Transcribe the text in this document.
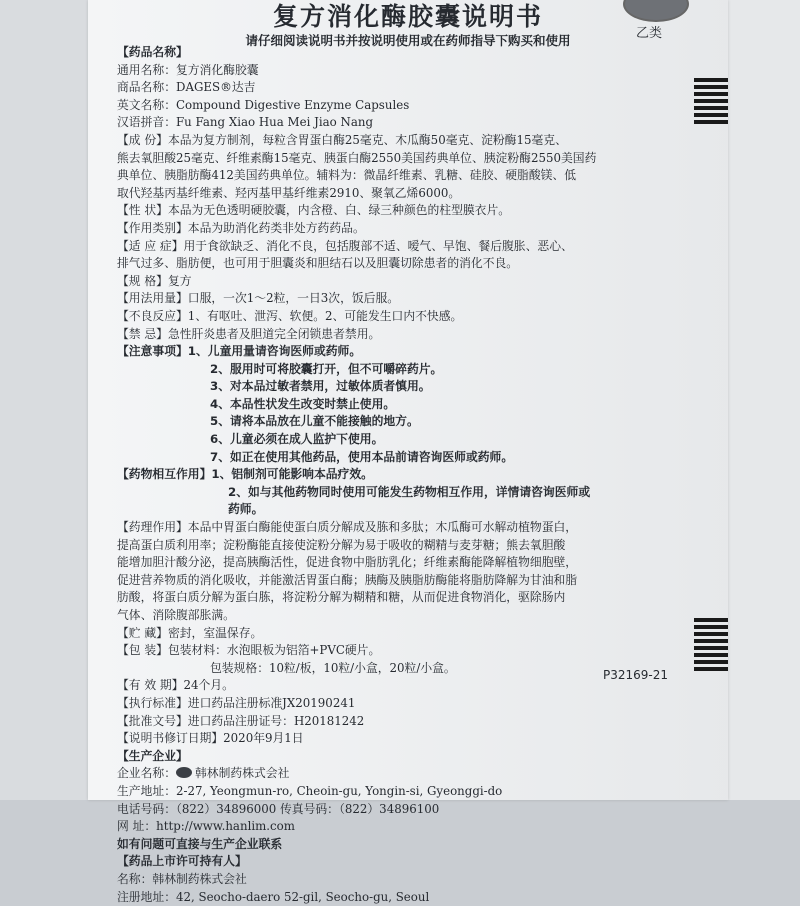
乙类
复方消化酶胶囊说明书
请仔细阅读说明书并按说明使用或在药师指导下购买和使用
【药品名称】
通用名称：复方消化酶胶囊
商品名称：DAGES®达吉
英文名称：Compound Digestive Enzyme Capsules
汉语拼音：Fu Fang Xiao Hua Mei Jiao Nang
【成 份】本品为复方制剂，每粒含胃蛋白酶25毫克、木瓜酶50毫克、淀粉酶15毫克、
熊去氧胆酸25毫克、纤维素酶15毫克、胰蛋白酶2550美国药典单位、胰淀粉酶2550美国药
典单位、胰脂肪酶412美国药典单位。辅料为：微晶纤维素、乳糖、硅胶、硬脂酸镁、低
取代羟基丙基纤维素、羟丙基甲基纤维素2910、聚氧乙烯6000。
【性 状】本品为无色透明硬胶囊，内含橙、白、绿三种颜色的柱型膜衣片。
【作用类别】本品为助消化药类非处方药药品。
【适 应 症】用于食欲缺乏、消化不良，包括腹部不适、嗳气、早饱、餐后腹胀、恶心、
排气过多、脂肪便，也可用于胆囊炎和胆结石以及胆囊切除患者的消化不良。
【规 格】复方
【用法用量】口服，一次1～2粒，一日3次，饭后服。
【不良反应】1、有呕吐、泄泻、软便。2、可能发生口内不快感。
【禁 忌】急性肝炎患者及胆道完全闭锁患者禁用。
【注意事项】1、儿童用量请咨询医师或药师。
2、服用时可将胶囊打开，但不可嚼碎药片。
3、对本品过敏者禁用，过敏体质者慎用。
4、本品性状发生改变时禁止使用。
5、请将本品放在儿童不能接触的地方。
6、儿童必须在成人监护下使用。
7、如正在使用其他药品，使用本品前请咨询医师或药师。
【药物相互作用】1、铝制剂可能影响本品疗效。
2、如与其他药物同时使用可能发生药物相互作用，详情请咨询医师或
药师。
【药理作用】本品中胃蛋白酶能使蛋白质分解成及胨和多肽；木瓜酶可水解动植物蛋白，
提高蛋白质利用率；淀粉酶能直接使淀粉分解为易于吸收的糊精与麦芽糖；熊去氧胆酸
能增加胆汁酸分泌，提高胰酶活性，促进食物中脂肪乳化；纤维素酶能降解植物细胞壁，
促进营养物质的消化吸收，并能激活胃蛋白酶；胰酶及胰脂肪酶能将脂肪降解为甘油和脂
肪酸，将蛋白质分解为蛋白胨，将淀粉分解为糊精和糖，从而促进食物消化，驱除肠内
气体、消除腹部胀满。
【贮 藏】密封，室温保存。
【包 装】包装材料：水泡眼板为铝箔+PVC硬片。
包装规格：10粒/板，10粒/小盒，20粒/小盒。
【有 效 期】24个月。
【执行标准】进口药品注册标准JX20190241
【批准文号】进口药品注册证号：H20181242
【说明书修订日期】2020年9月1日
【生产企业】
企业名称： 韩林制药株式会社
生产地址：2-27, Yeongmun-ro, Cheoin-gu, Yongin-si, Gyeonggi-do
电话号码：（822）34896000 传真号码：（822）34896100
网 址：http://www.hanlim.com
如有问题可直接与生产企业联系
【药品上市许可持有人】
名称：韩林制药株式会社
注册地址：42, Seocho-daero 52-gil, Seocho-gu, Seoul
P32169-21
